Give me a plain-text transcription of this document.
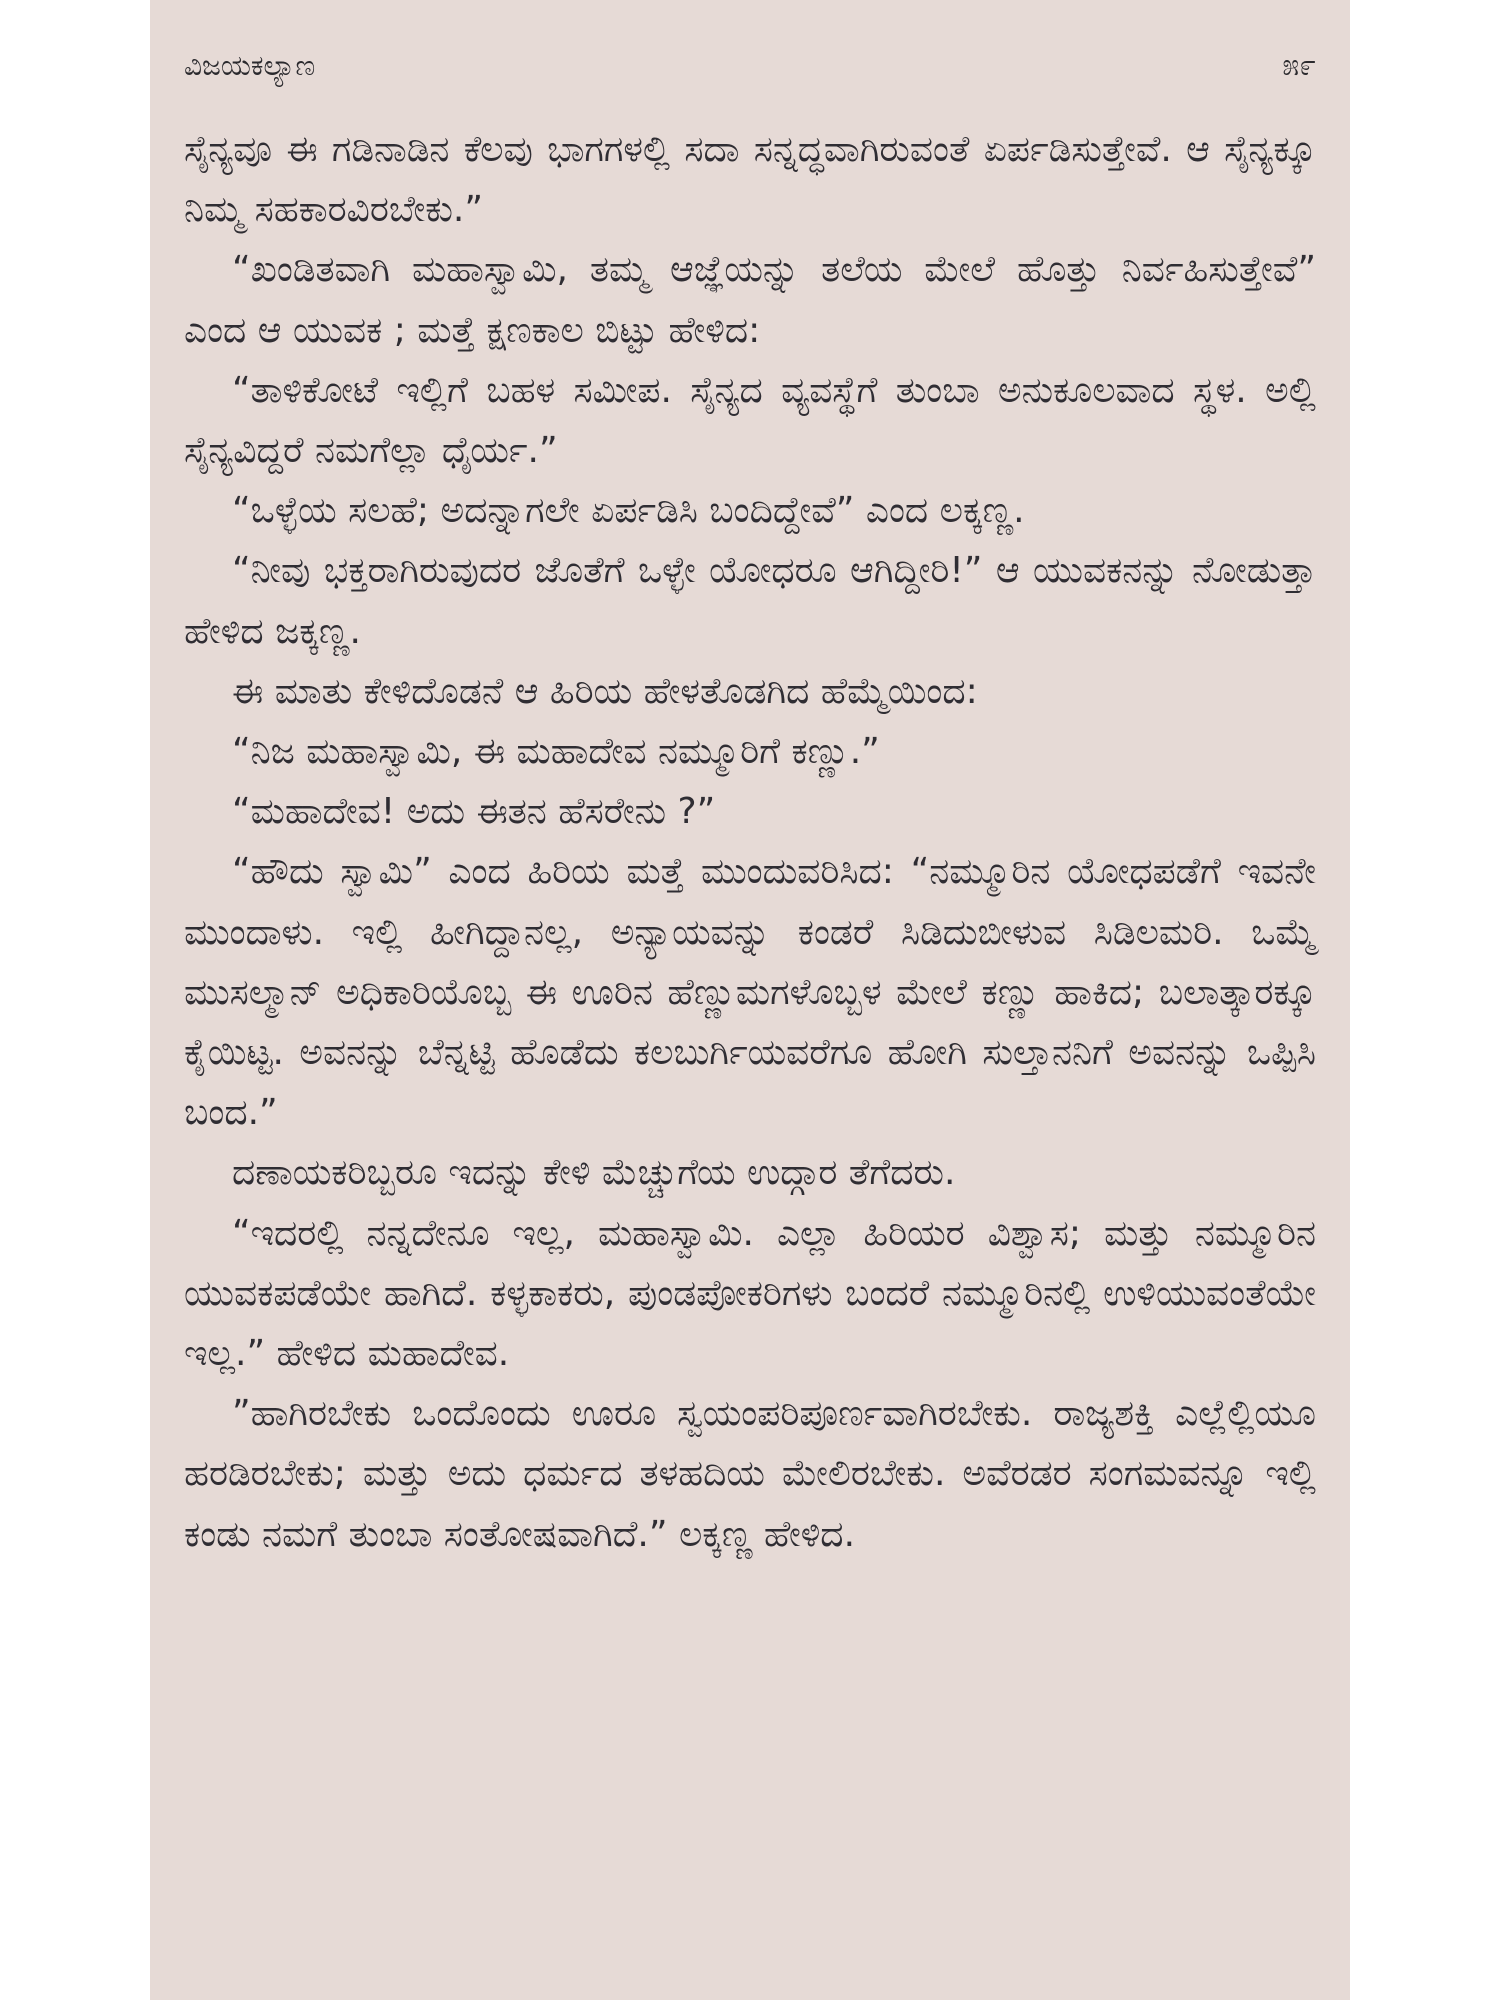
ವಿಜಯಕಲ್ಯಾಣ	೫೯

ಸೈನ್ಯವೂ ಈ ಗಡಿನಾಡಿನ ಕೆಲವು ಭಾಗಗಳಲ್ಲಿ ಸದಾ ಸನ್ನದ್ಧವಾಗಿರುವಂತೆ ಏರ್ಪಡಿಸುತ್ತೇವೆ. ಆ ಸೈನ್ಯಕ್ಕೂ ನಿಮ್ಮ ಸಹಕಾರವಿರಬೇಕು.”

“ಖಂಡಿತವಾಗಿ ಮಹಾಸ್ವಾಮಿ, ತಮ್ಮ ಆಜ್ಞೆಯನ್ನು ತಲೆಯ ಮೇಲೆ ಹೊತ್ತು ನಿರ್ವಹಿಸುತ್ತೇವೆ” ಎಂದ ಆ ಯುವಕ ; ಮತ್ತೆ ಕ್ಷಣಕಾಲ ಬಿಟ್ಟು ಹೇಳಿದ:

“ತಾಳಿಕೋಟೆ ಇಲ್ಲಿಗೆ ಬಹಳ ಸಮೀಪ. ಸೈನ್ಯದ ವ್ಯವಸ್ಥೆಗೆ ತುಂಬಾ ಅನುಕೂಲವಾದ ಸ್ಥಳ. ಅಲ್ಲಿ ಸೈನ್ಯವಿದ್ದರೆ ನಮಗೆಲ್ಲಾ ಧೈರ್ಯ.”

“ಒಳ್ಳೆಯ ಸಲಹೆ; ಅದನ್ನಾಗಲೇ ಏರ್ಪಡಿಸಿ ಬಂದಿದ್ದೇವೆ” ಎಂದ ಲಕ್ಕಣ್ಣ.

“ನೀವು ಭಕ್ತರಾಗಿರುವುದರ ಜೊತೆಗೆ ಒಳ್ಳೇ ಯೋಧರೂ ಆಗಿದ್ದೀರಿ!” ಆ ಯುವಕನನ್ನು ನೋಡುತ್ತಾ ಹೇಳಿದ ಜಕ್ಕಣ್ಣ.

ಈ ಮಾತು ಕೇಳಿದೊಡನೆ ಆ ಹಿರಿಯ ಹೇಳತೊಡಗಿದ ಹೆಮ್ಮೆಯಿಂದ:

“ನಿಜ ಮಹಾಸ್ವಾಮಿ, ಈ ಮಹಾದೇವ ನಮ್ಮೂರಿಗೆ ಕಣ್ಣು.”

“ಮಹಾದೇವ! ಅದು ಈತನ ಹೆಸರೇನು ?”

“ಹೌದು ಸ್ವಾಮಿ” ಎಂದ ಹಿರಿಯ ಮತ್ತೆ ಮುಂದುವರಿಸಿದ: “ನಮ್ಮೂರಿನ ಯೋಧಪಡೆಗೆ ಇವನೇ ಮುಂದಾಳು. ಇಲ್ಲಿ ಹೀಗಿದ್ದಾನಲ್ಲ, ಅನ್ಯಾಯವನ್ನು ಕಂಡರೆ ಸಿಡಿದುಬೀಳುವ ಸಿಡಿಲಮರಿ. ಒಮ್ಮೆ ಮುಸಲ್ಮಾನ್ ಅಧಿಕಾರಿಯೊಬ್ಬ ಈ ಊರಿನ ಹೆಣ್ಣುಮಗಳೊಬ್ಬಳ ಮೇಲೆ ಕಣ್ಣು ಹಾಕಿದ; ಬಲಾತ್ಕಾರಕ್ಕೂ ಕೈಯಿಟ್ಟ. ಅವನನ್ನು ಬೆನ್ನಟ್ಟಿ ಹೊಡೆದು ಕಲಬುರ್ಗಿಯವರೆಗೂ ಹೋಗಿ ಸುಲ್ತಾನನಿಗೆ ಅವನನ್ನು ಒಪ್ಪಿಸಿ ಬಂದ.”

ದಣಾಯಕರಿಬ್ಬರೂ ಇದನ್ನು ಕೇಳಿ ಮೆಚ್ಚುಗೆಯ ಉದ್ಗಾರ ತೆಗೆದರು.

“ಇದರಲ್ಲಿ ನನ್ನದೇನೂ ಇಲ್ಲ, ಮಹಾಸ್ವಾಮಿ. ಎಲ್ಲಾ ಹಿರಿಯರ ವಿಶ್ವಾಸ; ಮತ್ತು ನಮ್ಮೂರಿನ ಯುವಕಪಡೆಯೇ ಹಾಗಿದೆ. ಕಳ್ಳಕಾಕರು, ಪುಂಡಪೋಕರಿಗಳು ಬಂದರೆ ನಮ್ಮೂರಿನಲ್ಲಿ ಉಳಿಯುವಂತೆಯೇ ಇಲ್ಲ.” ಹೇಳಿದ ಮಹಾದೇವ.

”ಹಾಗಿರಬೇಕು ಒಂದೊಂದು ಊರೂ ಸ್ವಯಂಪರಿಪೂರ್ಣವಾಗಿರಬೇಕು. ರಾಜ್ಯಶಕ್ತಿ ಎಲ್ಲೆಲ್ಲಿಯೂ ಹರಡಿರಬೇಕು; ಮತ್ತು ಅದು ಧರ್ಮದ ತಳಹದಿಯ ಮೇಲಿರಬೇಕು. ಅವೆರಡರ ಸಂಗಮವನ್ನೂ ಇಲ್ಲಿ ಕಂಡು ನಮಗೆ ತುಂಬಾ ಸಂತೋಷವಾಗಿದೆ.” ಲಕ್ಕಣ್ಣ ಹೇಳಿದ.
